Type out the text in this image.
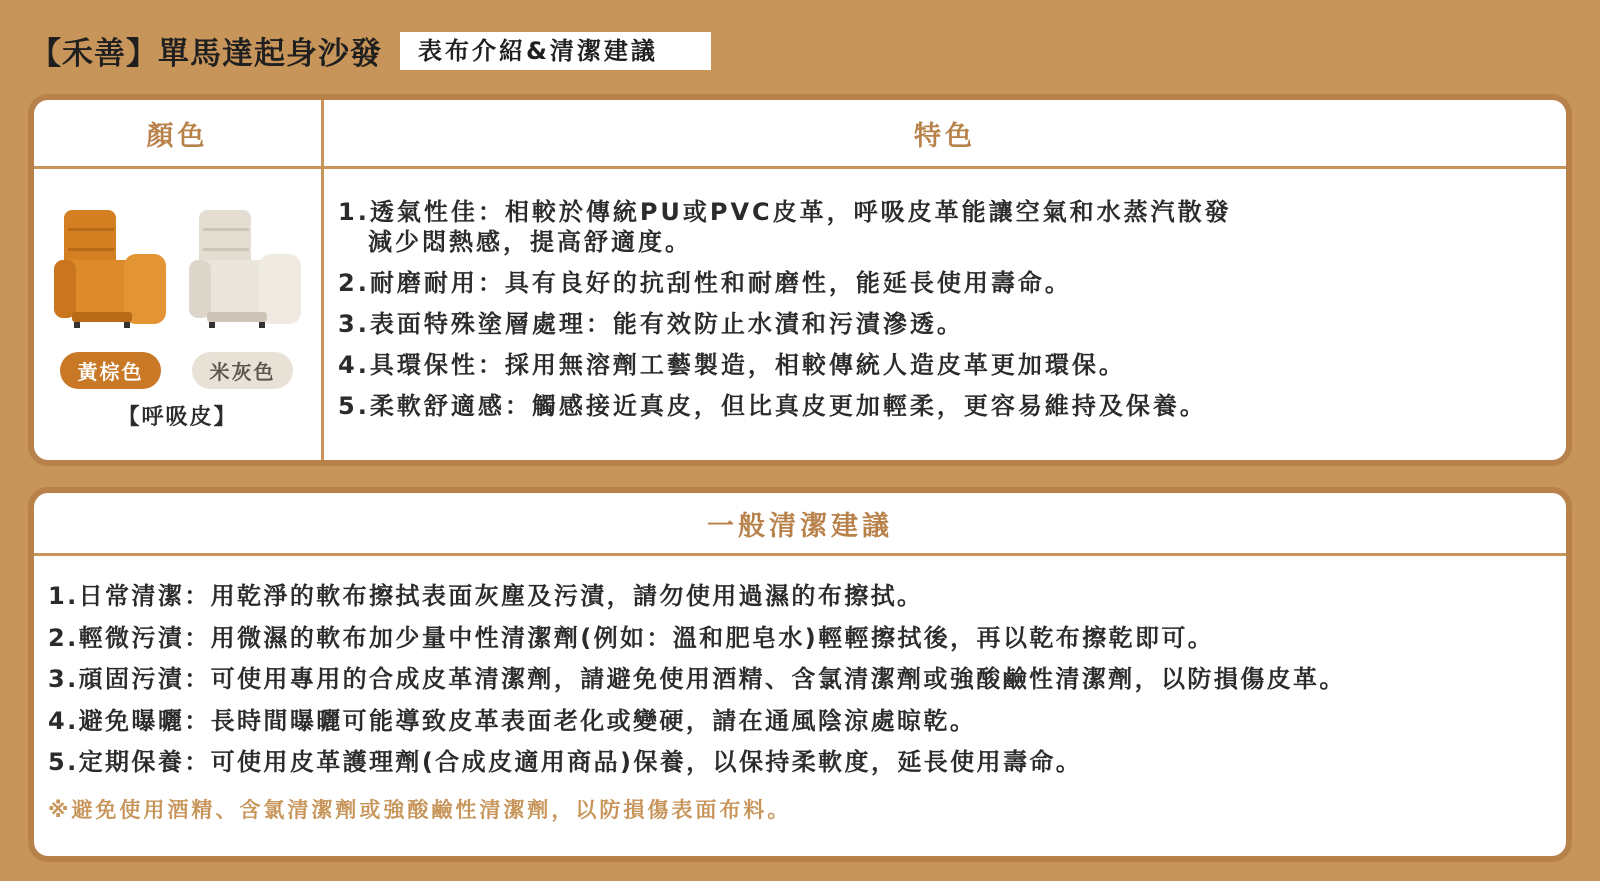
【禾善】單馬達起身沙發	表布介紹&清潔建議
顏色	特色
黃棕色	米灰色
【呼吸皮】
1.透氣性佳：相較於傳統PU或PVC皮革，呼吸皮革能讓空氣和水蒸汽散發
減少悶熱感，提高舒適度。
2.耐磨耐用：具有良好的抗刮性和耐磨性，能延長使用壽命。
3.表面特殊塗層處理：能有效防止水漬和污漬滲透。
4.具環保性：採用無溶劑工藝製造，相較傳統人造皮革更加環保。
5.柔軟舒適感：觸感接近真皮，但比真皮更加輕柔，更容易維持及保養。
一般清潔建議
1.日常清潔：用乾淨的軟布擦拭表面灰塵及污漬，請勿使用過濕的布擦拭。
2.輕微污漬：用微濕的軟布加少量中性清潔劑(例如：溫和肥皂水)輕輕擦拭後，再以乾布擦乾即可。
3.頑固污漬：可使用專用的合成皮革清潔劑，請避免使用酒精、含氯清潔劑或強酸鹼性清潔劑，以防損傷皮革。
4.避免曝曬：長時間曝曬可能導致皮革表面老化或變硬，請在通風陰涼處晾乾。
5.定期保養：可使用皮革護理劑(合成皮適用商品)保養，以保持柔軟度，延長使用壽命。
※避免使用酒精、含氯清潔劑或強酸鹼性清潔劑，以防損傷表面布料。
